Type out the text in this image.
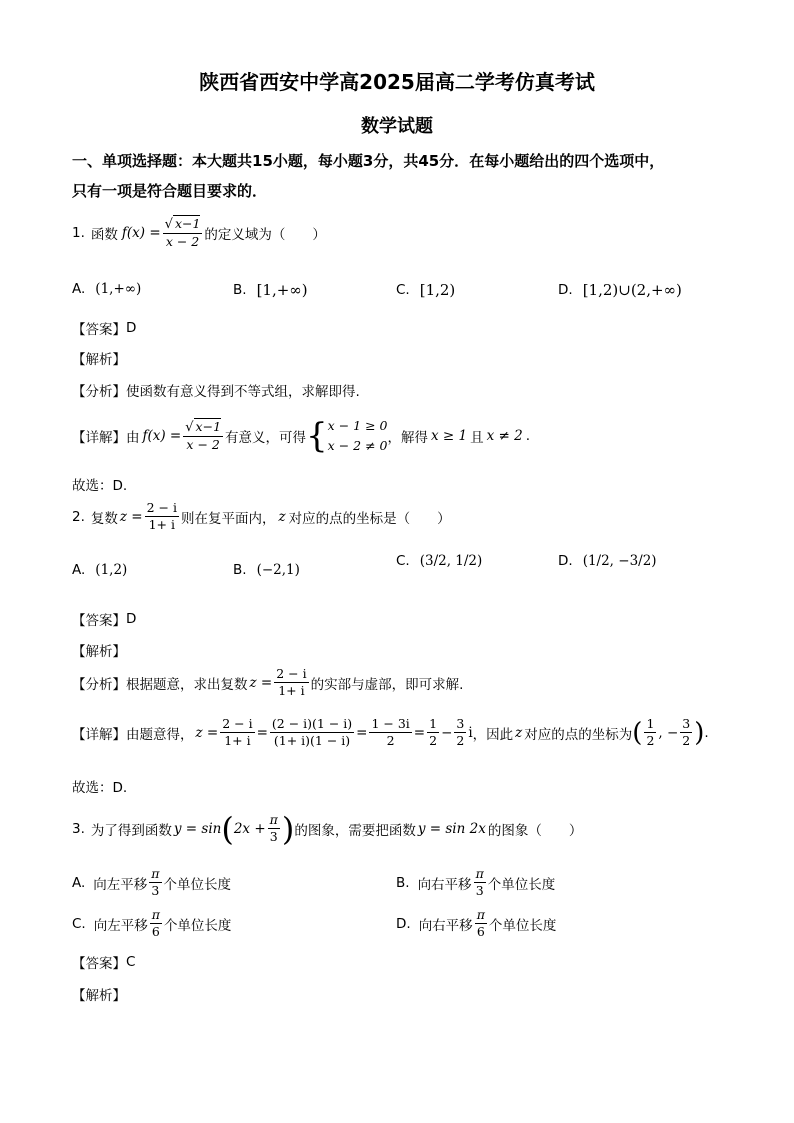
陕西省西安中学高2025届高二学考仿真考试
数学试题
一、单项选择题：本大题共15小题，每小题3分，共45分．在每小题给出的四个选项中，
只有一项是符合题目要求的．
1. 函数 $f(x) = \frac{√ x-1}{x - 2}$ 的定义域为（　　）
A. (1,+∞)	B. [1,+∞)	C. [1,2)	D. [1,2)∪(2,+∞)
【答案】 D
【解析】
【分析】 使函数有意义得到不等式组，求解即得.
【详解】 由 $f(x) = \frac{√ x-1}{x - 2}$ 有意义，可得 { x − 1 ≥ 0
x − 2 ≠ 0 ，解得 x ≥ 1 且 x ≠ 2 .
故选：D.
2. 复数 $z = \frac{2 - i}{1+ i}$ 则在复平面内， z 对应的点的坐标是（　　）
A. (1,2)	B. (−2,1)
C. (3/2, 1/2)	D. (1/2, −3/2)
【答案】 D
【解析】
【分析】 根据题意，求出复数 $z = \frac{2 - i}{1+ i}$ 的实部与虚部，即可求解.
【详解】 由题意得， $z = \frac{2 - i}{1+ i} = \frac{(2 - i)(1 - i)}{(1+ i)(1 - i)} = \frac{1 - 3i}{2} = \frac{1}{2} - \frac{3}{2}$ i ，因此 z 对应的点的坐标为 ( $\frac{1}{2}$ , − $\frac{3}{2}$ ) .
故选：D.
3. 为了得到函数 y = sin ( $2x + \frac{\pi}{3}$ ) 的图象，需要把函数 y = sin 2x 的图象（　　）
A. 向左平移 $\frac{\pi}{3}$ 个单位长度	B. 向右平移 $\frac{\pi}{3}$ 个单位长度
C. 向左平移 $\frac{\pi}{6}$ 个单位长度	D. 向右平移 $\frac{\pi}{6}$ 个单位长度
【答案】 C
【解析】
